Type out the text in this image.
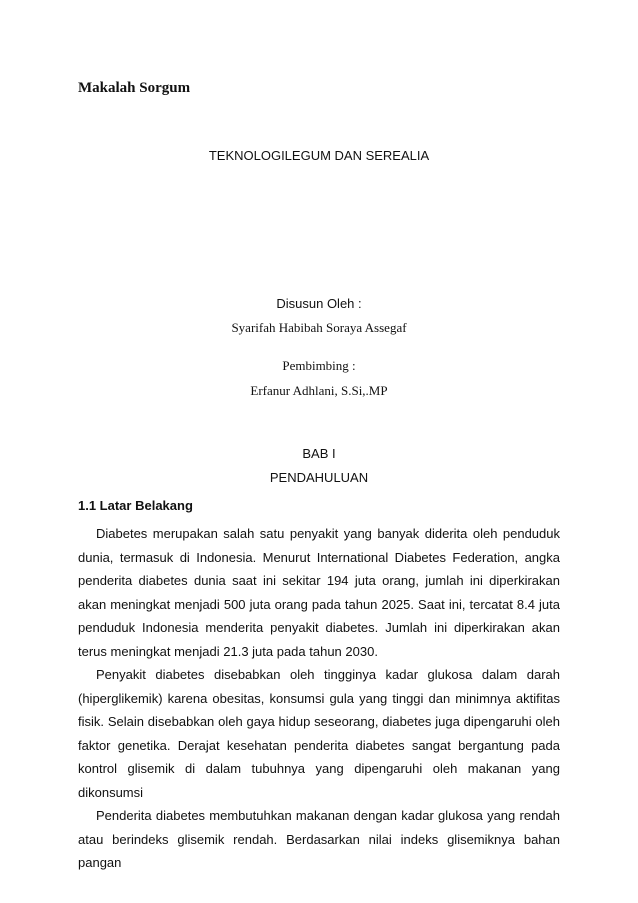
Makalah Sorgum
TEKNOLOGILEGUM DAN SEREALIA
Disusun Oleh :
Syarifah Habibah Soraya Assegaf
Pembimbing :
Erfanur Adhlani, S.Si,.MP
BAB I
PENDAHULUAN
1.1 Latar Belakang

Diabetes merupakan salah satu penyakit yang banyak diderita oleh penduduk dunia, termasuk di Indonesia. Menurut International Diabetes Federation, angka penderita diabetes dunia saat ini sekitar 194 juta orang, jumlah ini diperkirakan akan meningkat menjadi 500 juta orang pada tahun 2025. Saat ini, tercatat 8.4 juta penduduk Indonesia menderita penyakit diabetes. Jumlah ini diperkirakan akan terus meningkat menjadi 21.3 juta pada tahun 2030.

Penyakit diabetes disebabkan oleh tingginya kadar glukosa dalam darah (hiperglikemik) karena obesitas, konsumsi gula yang tinggi dan minimnya aktifitas fisik. Selain disebabkan oleh gaya hidup seseorang, diabetes juga dipengaruhi oleh faktor genetika. Derajat kesehatan penderita diabetes sangat bergantung pada kontrol glisemik di dalam tubuhnya yang dipengaruhi oleh makanan yang dikonsumsi

Penderita diabetes membutuhkan makanan dengan kadar glukosa yang rendah atau berindeks glisemik rendah. Berdasarkan nilai indeks glisemiknya bahan pangan
